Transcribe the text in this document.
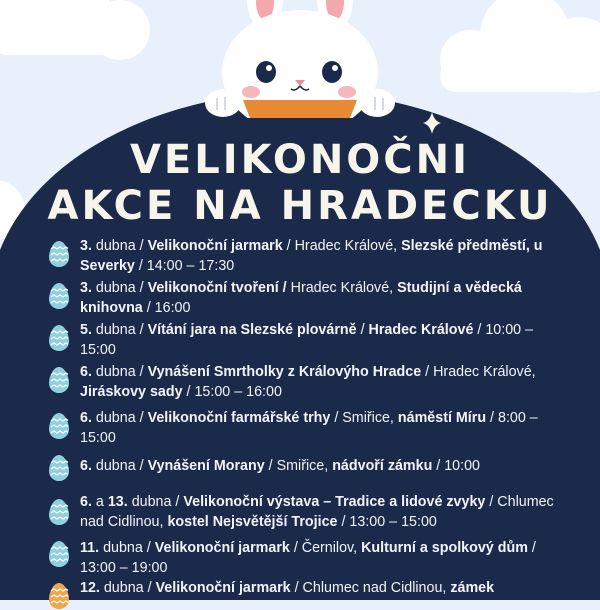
VELIKONOČNI
AKCE NA HRADECKU
3. dubna / Velikonoční jarmark / Hradec Králové, Slezské předměstí, u Severky / 14:00 – 17:30
3. dubna / Velikonoční tvoření / Hradec Králové, Studijní a vědecká knihovna / 16:00
5. dubna / Vítání jara na Slezské plovárně / Hradec Králové / 10:00 – 15:00
6. dubna / Vynášení Smrtholky z Královýho Hradce / Hradec Králové, Jiráskovy sady / 15:00 – 16:00
6. dubna / Velikonoční farmářské trhy / Smiřice, náměstí Míru / 8:00 – 15:00
6. dubna / Vynášení Morany / Smiřice, nádvoří zámku / 10:00
6. a 13. dubna / Velikonoční výstava – Tradice a lidové zvyky / Chlumec nad Cidlinou, kostel Nejsvětější Trojice / 13:00 – 15:00
11. dubna / Velikonoční jarmark / Černilov, Kulturní a spolkový dům / 13:00 – 19:00
12. dubna / Velikonoční jarmark / Chlumec nad Cidlinou, zámek
